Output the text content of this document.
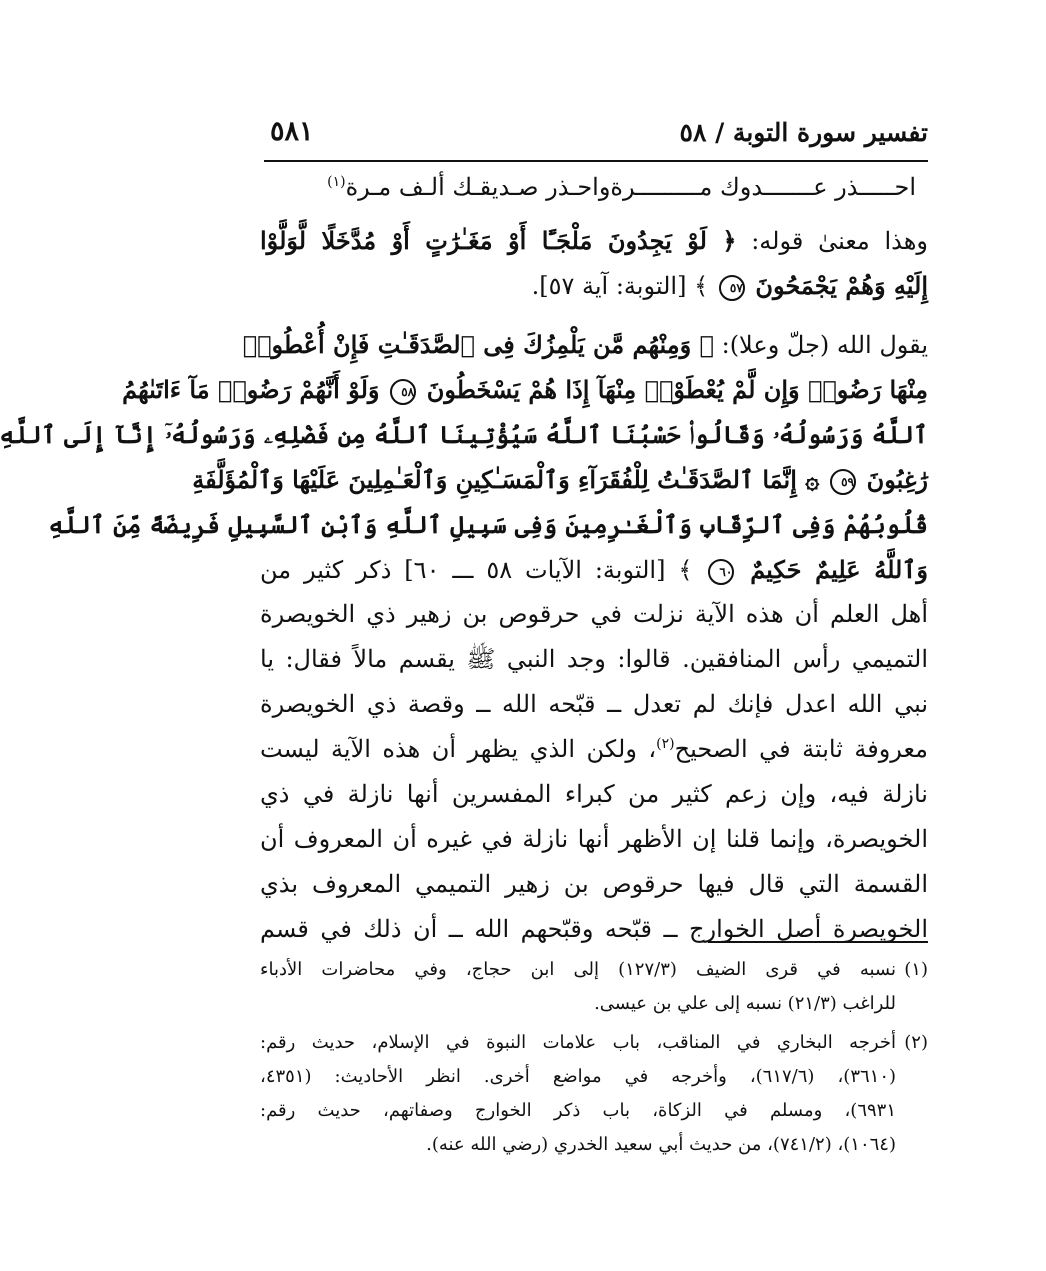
تفسير سورة التوبة / ٥٨
٥٨١
احـــــذر عـــــــدوك مـــــــــرة
واحـذر صـديقـك ألـف مـرة$^{(١)}$
وهذا معنىٰ قوله: ﴿ لَوْ يَجِدُونَ مَلْجَـًٔا أَوْ مَغَـٰرَٰتٍ أَوْ مُدَّخَلًا لَّوَلَّوْا
إِلَيْهِ وَهُمْ يَجْمَحُونَ ٥٧ ﴾ [التوبة: آية ٥٧].
يقول الله (جلّ وعلا): ﴿ وَمِنْهُم مَّن يَلْمِزُكَ فِى ٱلصَّدَقَـٰتِ فَإِنْ أُعْطُوا۟
مِنْهَا رَضُوا۟ وَإِن لَّمْ يُعْطَوْا۟ مِنْهَآ إِذَا هُمْ يَسْخَطُونَ ٥٨ وَلَوْ أَنَّهُمْ رَضُوا۟ مَآ ءَاتَىٰهُمُ
ٱللَّهُ وَرَسُولُهُۥ وَقَالُوا۟ حَسْبُنَا ٱللَّهُ سَيُؤْتِينَا ٱللَّهُ مِن فَضْلِهِۦ وَرَسُولُهُۥٓ إِنَّآ إِلَى ٱللَّهِ
رَٰغِبُونَ ٥٩ ۞ إِنَّمَا ٱلصَّدَقَـٰتُ لِلْفُقَرَآءِ وَٱلْمَسَـٰكِينِ وَٱلْعَـٰمِلِينَ عَلَيْهَا وَٱلْمُؤَلَّفَةِ
قُلُوبُهُمْ وَفِى ٱلرِّقَابِ وَٱلْغَـٰرِمِينَ وَفِى سَبِيلِ ٱللَّهِ وَٱبْنِ ٱلسَّبِيلِ فَرِيضَةً مِّنَ ٱللَّهِ
وَٱللَّهُ عَلِيمٌ حَكِيمٌ ٦٠ ﴾ [التوبة: الآيات ٥٨ ـــ ٦٠] ذكر كثير من
أهل العلم أن هذه الآية نزلت في حرقوص بن زهير ذي الخويصرة
التميمي رأس المنافقين. قالوا: وجد النبي ﷺ يقسم مالاً فقال: يا
نبي الله اعدل فإنك لم تعدل ــ قبّحه الله ــ وقصة ذي الخويصرة
معروفة ثابتة في الصحيح$^{(٢)}$، ولكن الذي يظهر أن هذه الآية ليست
نازلة فيه، وإن زعم كثير من كبراء المفسرين أنها نازلة في ذي
الخويصرة، وإنما قلنا إن الأظهر أنها نازلة في غيره أن المعروف أن
القسمة التي قال فيها حرقوص بن زهير التميمي المعروف بذي
الخويصرة أصل الخوارج ــ قبّحه وقبّحهم الله ــ أن ذلك في قسم
(١)
نسبه في قرى الضيف (١٢٧/٣) إلى ابن حجاج، وفي محاضرات الأدباء
للراغب (٢١/٣) نسبه إلى علي بن عيسى.
(٢)
أخرجه البخاري في المناقب، باب علامات النبوة في الإسلام، حديث رقم:
(٣٦١٠)، (٦١٧/٦)، وأخرجه في مواضع أخرى. انظر الأحاديث: (٤٣٥١،
٦٩٣١)، ومسلم في الزكاة، باب ذكر الخوارج وصفاتهم، حديث رقم:
(١٠٦٤)، (٧٤١/٢)، من حديث أبي سعيد الخدري (رضي الله عنه).
